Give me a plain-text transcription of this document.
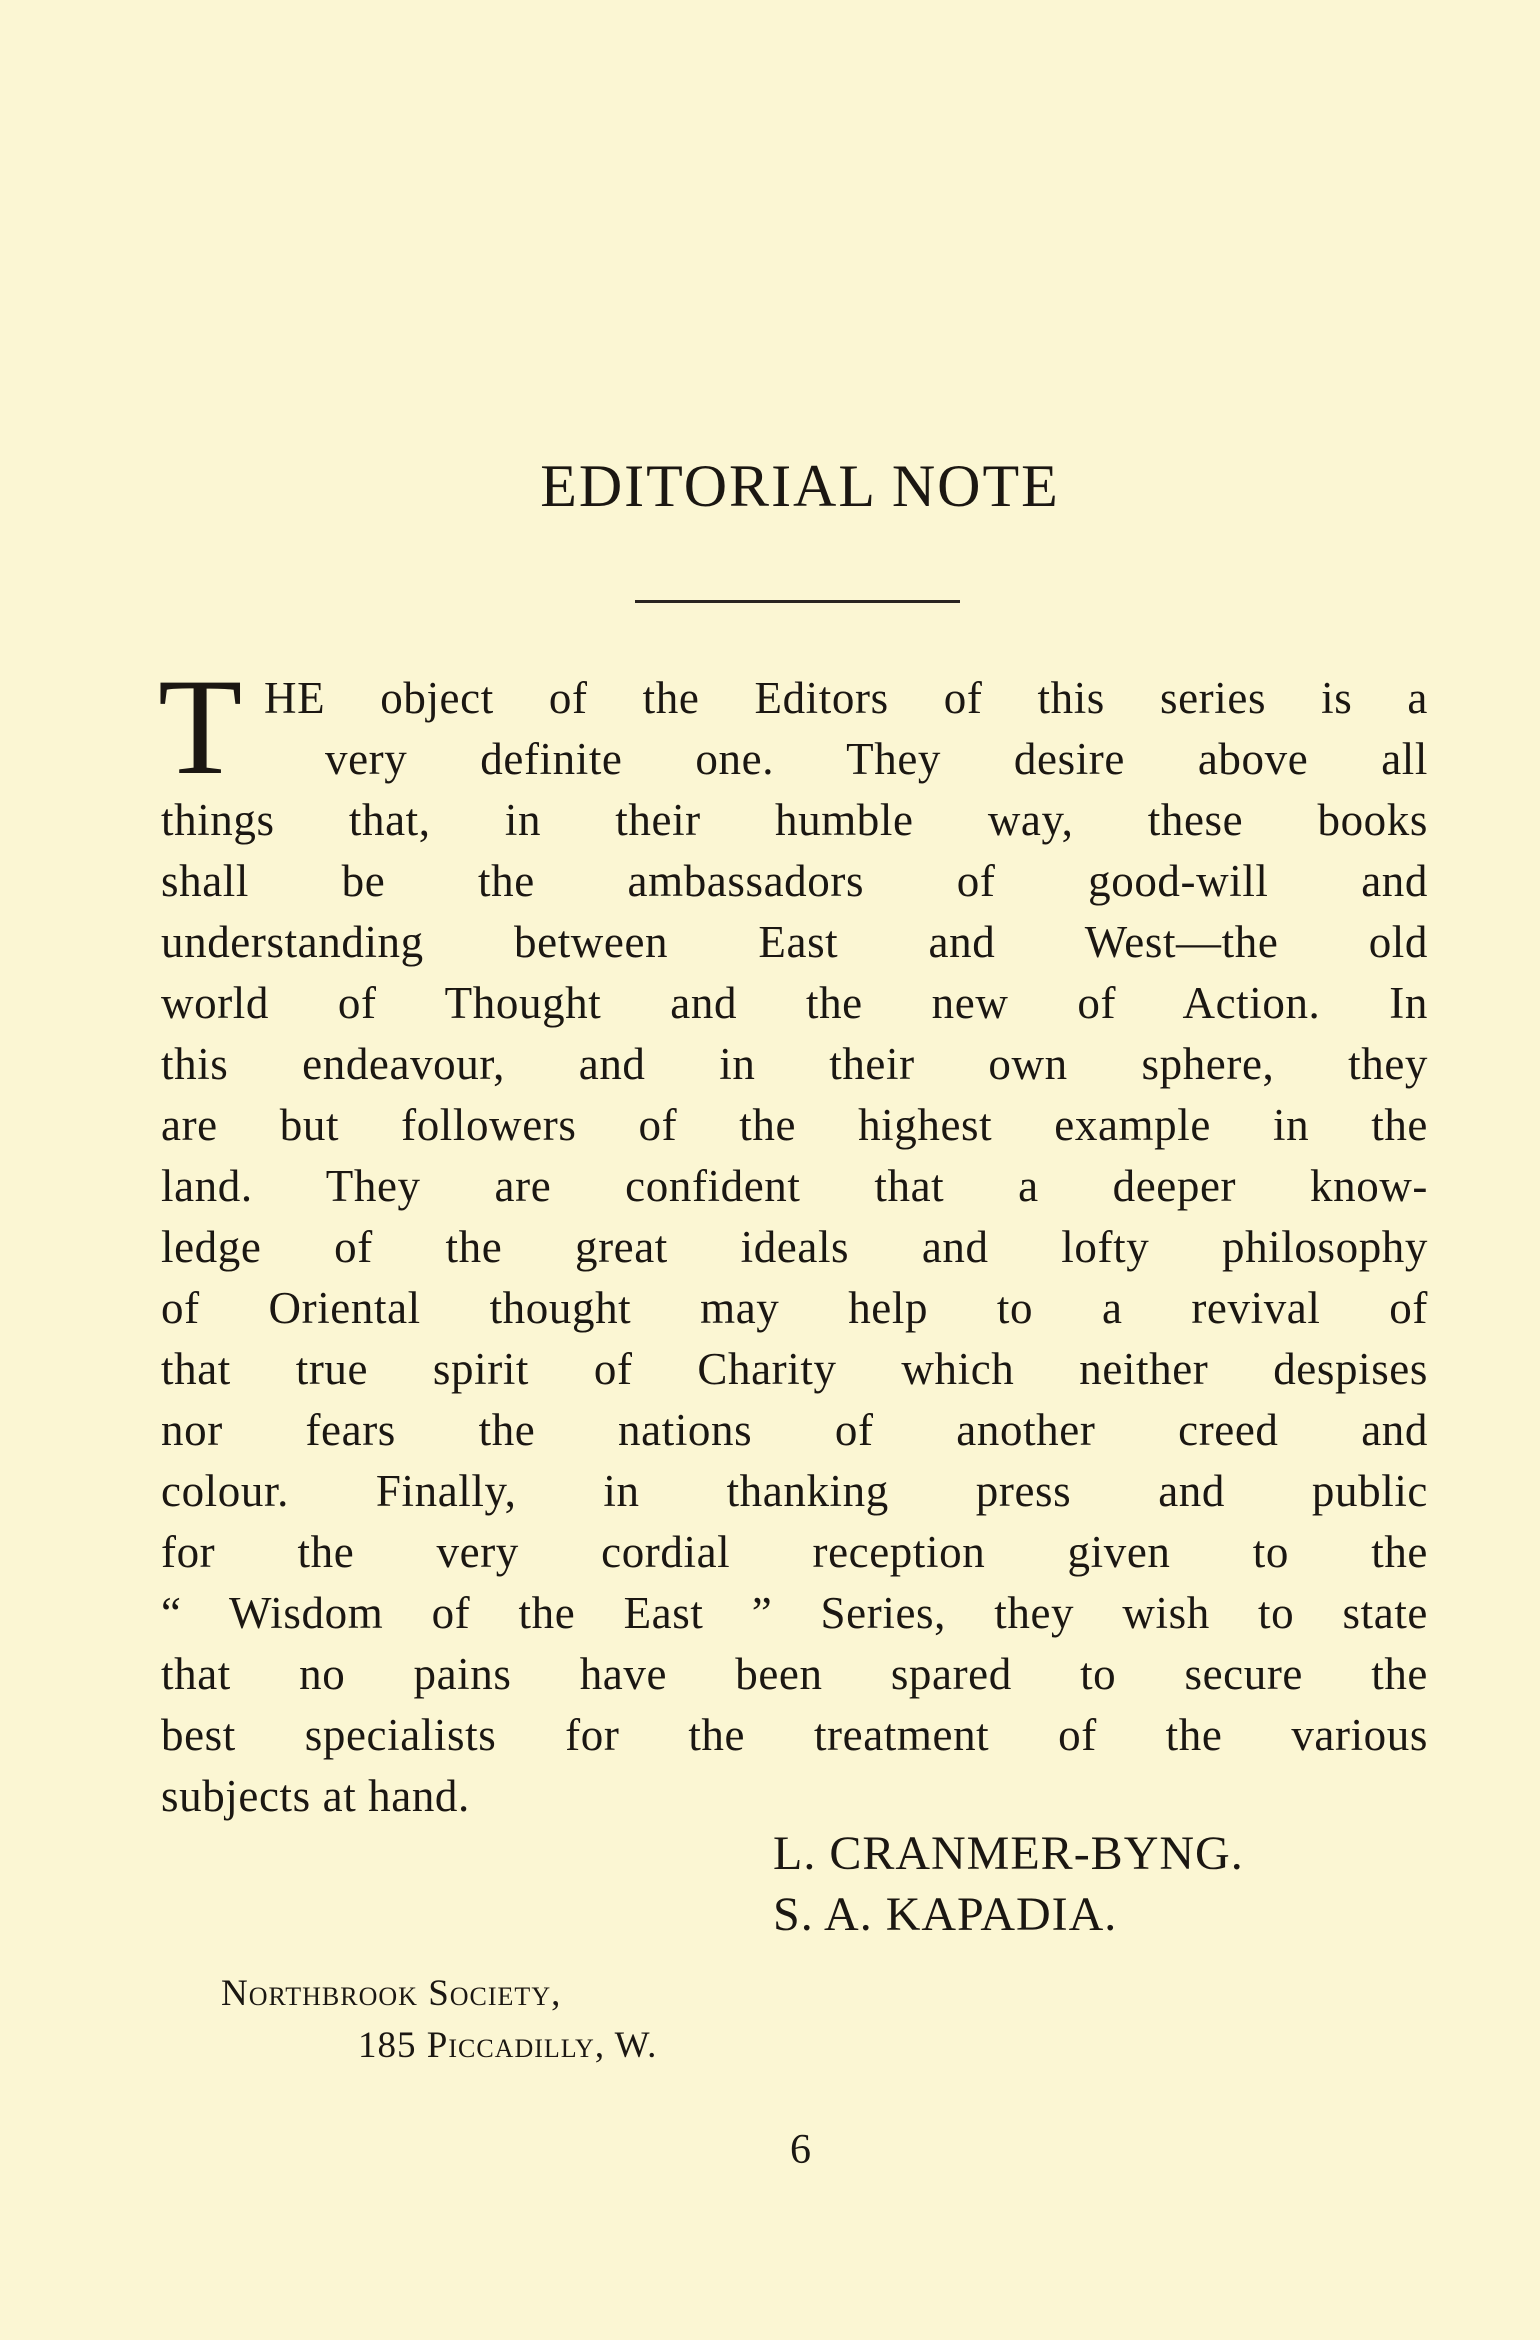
EDITORIAL NOTE
T HE object of the Editors of this series is a
very definite one. They desire above all
things that, in their humble way, these books
shall be the ambassadors of good-will and
understanding between East and West—the old
world of Thought and the new of Action. In
this endeavour, and in their own sphere, they
are but followers of the highest example in the
land. They are confident that a deeper know-
ledge of the great ideals and lofty philosophy
of Oriental thought may help to a revival of
that true spirit of Charity which neither despises
nor fears the nations of another creed and
colour. Finally, in thanking press and public
for the very cordial reception given to the
“ Wisdom of the East ” Series, they wish to state
that no pains have been spared to secure the
best specialists for the treatment of the various
subjects at hand.
L. CRANMER-BYNG.
S. A. KAPADIA.
Northbrook Society,
185 Piccadilly, W.
6
